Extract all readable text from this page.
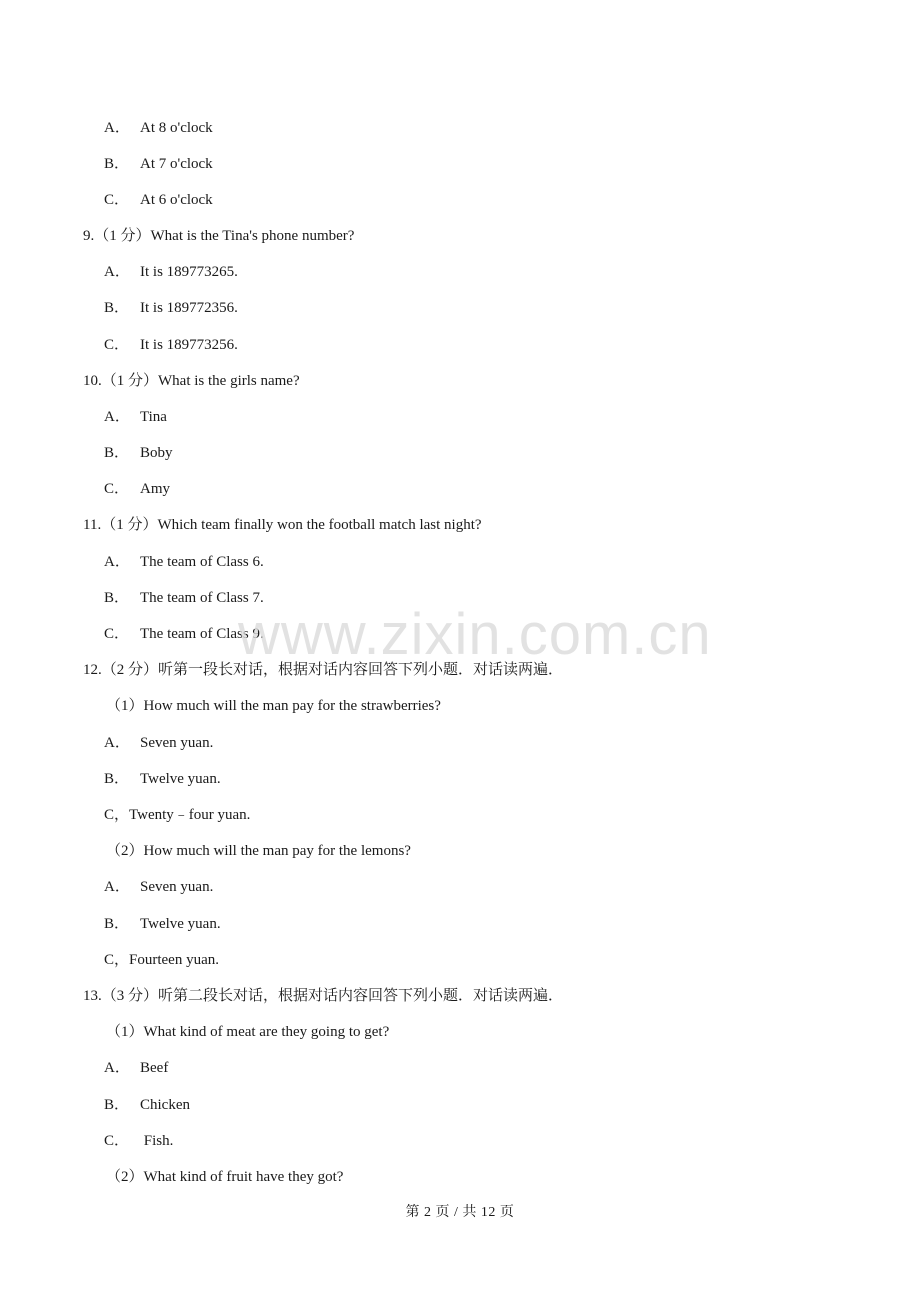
A． At 8 o'clock
B． At 7 o'clock
C． At 6 o'clock
9.（1 分）What is the Tina's phone number?
A． It is 189773265.
B． It is 189772356.
C． It is 189773256.
10.（1 分）What is the girls name?
A． Tina
B． Boby
C． Amy
11.（1 分）Which team finally won the football match last night?
A． The team of Class 6.
B． The team of Class 7.
C． The team of Class 9.
12.（2 分）听第一段长对话，根据对话内容回答下列小题．对话读两遍．
（1）How much will the man pay for the strawberries?
A． Seven yuan.
B． Twelve yuan.
C，Twenty﹣four yuan.
（2）How much will the man pay for the lemons?
A． Seven yuan.
B． Twelve yuan.
C，Fourteen yuan.
13.（3 分）听第二段长对话，根据对话内容回答下列小题．对话读两遍．
（1）What kind of meat are they going to get?
A． Beef
B． Chicken
C． Fish.
（2）What kind of fruit have they got?
www.zixin.com.cn
第 2 页 / 共 12 页
